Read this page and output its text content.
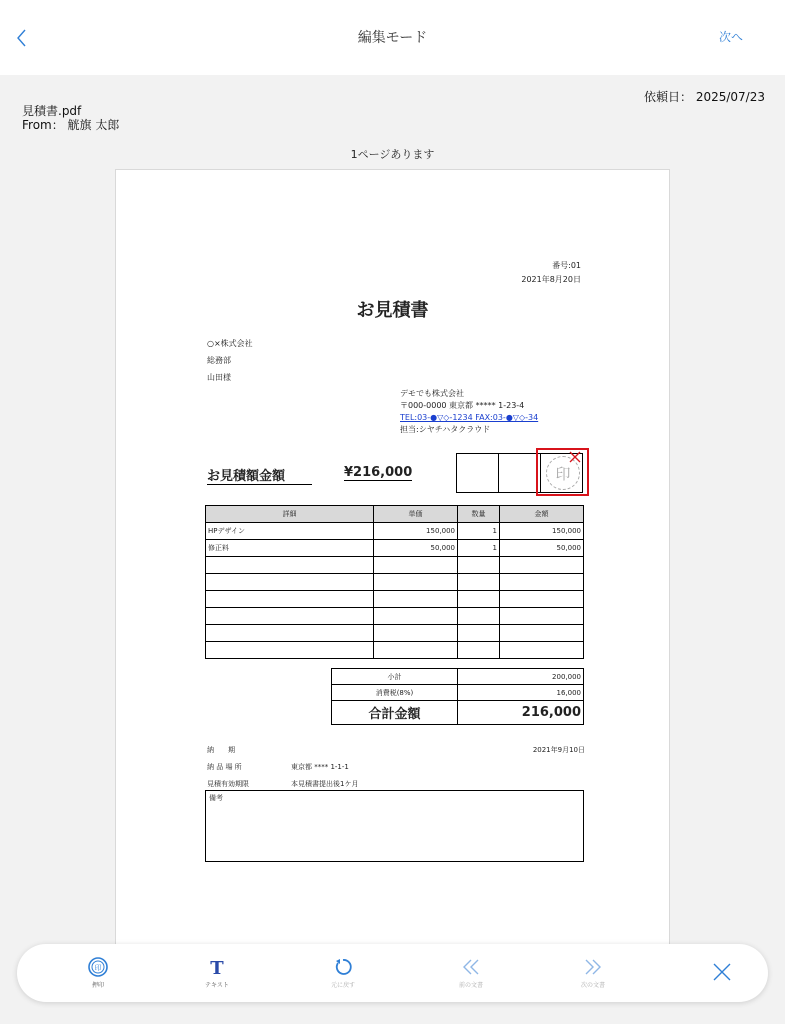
編集モード	次へ
見積書.pdf
From： 觥旗 太郎
依頼日： 2025/07/23
1ページあります
番号:01
2021年8月20日
お見積書
○×株式会社
総務部
山田様
デモでも株式会社
〒000-0000 東京都 ***** 1-23-4
TEL:03-●▽◇-1234 FAX:03-●▽◇-34
担当:シヤチハタクラウド
お見積額金額	¥216,000	印
詳細	単価	数量	金額
HPデザイン	150,000	1	150,000
修正料	50,000	1	50,000

小計	200,000
消費税(8%)	16,000
合計金額	216,000
納　　期	2021年9月10日
納 品 場 所	東京都 **** 1-1-1
見積有効期限	本見積書提出後1ケ月
備考
印
押印
T
テキスト	元に戻す	前の文書	次の文書
